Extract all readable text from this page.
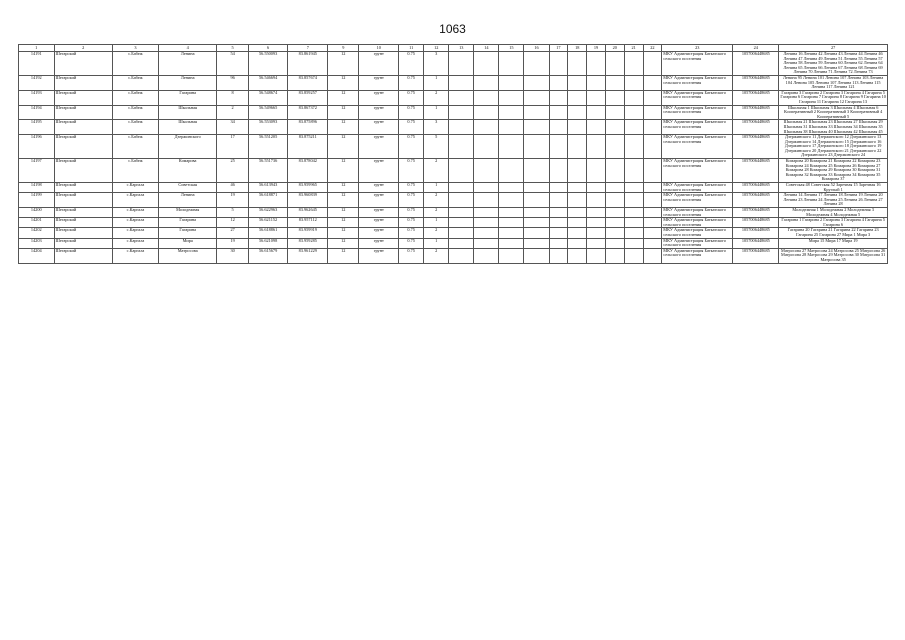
1063
1	2	3	4	5	6	7	9	10	11	12	13	14	15	16	17	18	19	20	21	22	23	24	27
14191	Шегарский	с.Бабеж	Ленина	54	56.550093	83.861945	12	грунт	0.75	3											МКУ Администрация Баткатского сельского поселения	1057006448685	Ленина 16 Ленина 42 Ленина 43 Ленина 44 Ленина 46 Ленина 47 Ленина 49 Ленина 51 Ленина 55 Ленина 57 Ленина 58 Ленина 59 Ленина 60 Ленина 62 Ленина 64 Ленина 65 Ленина 66 Ленина 67 Ленина 68 Ленина 69 Ленина 70 Ленина 71 Ленина 72 Ленина 73
14192	Шегарский	с.Бабеж	Ленина	96	56.546694	83.857674	12	грунт	0.75	1											МКУ Администрация Баткатского сельского поселения	1057006448685	Ленина 95 Ленина 101 Ленина 107 Ленина 103 Ленина 104 Ленина 105 Ленина 107 Ленина 113 Ленина 115 Ленина 117 Ленина 121
14193	Шегарский	с.Бабеж	Гагарина	8	56.548674	83.859257	12	грунт	0.75	2											МКУ Администрация Баткатского сельского поселения	1057006448685	Гагарина 3 Гагарина 2 Гагарина 3 Гагарина 4 Гагарина 5 Гагарина 6 Гагарина 7 Гагарина 8 Гагарина 9 Гагарина 10 Гагарина 11 Гагарина 12 Гагарина 13
14194	Шегарский	с.Бабеж	Школьная	2	56.549665	83.867372	12	грунт	0.75	1											МКУ Администрация Баткатского сельского поселения	1057006448685	Школьная 1 Школьная 3 Школьная 4 Школьная 6 Кооперативный 2 Кооперативный 3 Кооперативный 4 Кооперативный 5
14195	Шегарский	с.Бабеж	Школьная	34	56.553093	83.875896	12	грунт	0.75	3											МКУ Администрация Баткатского сельского поселения	1057006448685	Школьная 21 Школьная 23 Школьная 27 Школьная 29 Школьная 31 Школьная 33 Школьная 34 Школьная 35 Школьная 38 Школьная 40 Школьная 42 Школьная 45
14196	Шегарский	с.Бабеж	Дзержинского	17	56.551205	83.875211	12	грунт	0.75	5											МКУ Администрация Баткатского сельского поселения	1057006448685	Дзержинского 11 Дзержинского 12 Дзержинского 13 Дзержинского 14 Дзержинского 15 Дзержинского 16 Дзержинского 17 Дзержинского 18 Дзержинского 19 Дзержинского 20 Дзержинского 21 Дзержинского 22 Дзержинского 23 Дзержинского 24
14197	Шегарский	с.Бабеж	Комарова	25	56.551736	83.878042	12	грунт	0.75	2											МКУ Администрация Баткатского сельского поселения	1057006448685	Комарова 20 Комарова 21 Комарова 22 Комарова 23 Комарова 24 Комарова 25 Комарова 26 Комарова 27 Комарова 28 Комарова 29 Комарова 30 Комарова 31 Комарова 32 Комарова 33 Комарова 34 Комарова 35 Комарова 37
14198	Шегарский	с.Каргала	Советская	46	56.613943	83.959965	12	грунт	0.75	1											МКУ Администрация Баткатского сельского поселения	1057006448685	Советская 48 Советская 52 Заречная 15 Заречная 16 Круглый 1
14199	Шегарский	с.Каргала	Ленина	19	56.618871	83.960839	12	грунт	0.75	2											МКУ Администрация Баткатского сельского поселения	1057006448685	Ленина 14 Ленина 17 Ленина 18 Ленина 19 Ленина 20 Ленина 23 Ленина 24 Ленина 25 Ленина 26 Ленина 27 Ленина 28
14200	Шегарский	с.Каргала	Молодежная	5	56.622963	83.962645	12	грунт	0.75	2											МКУ Администрация Баткатского сельского поселения	1057006448685	Молодежная 1 Молодежная 2 Молодежная 3 Молодежная 4 Молодежная 5
14201	Шегарский	с.Каргала	Гагарина	12	56.621152	83.957112	12	грунт	0.75	1											МКУ Администрация Баткатского сельского поселения	1057006448685	Гагарина 1 Гагарина 2 Гагарина 3 Гагарина 4 Гагарина 5 Гагарина 6
14202	Шегарский	с.Каргала	Гагарина	27	56.618861	83.959919	12	грунт	0.75	2											МКУ Администрация Баткатского сельского поселения	1057006448685	Гагарина 20 Гагарина 21 Гагарина 22 Гагарина 23 Гагарина 25 Гагарина 27 Мира 1 Мира 3
14203	Шегарский	с.Каргала	Мира	19	56.621098	83.959285	12	грунт	0.75	1											МКУ Администрация Баткатского сельского поселения	1057006448685	Мира 15 Мира 17 Мира 19
14204	Шегарский	с.Каргала	Матросова	30	56.615679	83.961229	12	грунт	0.75	2											МКУ Администрация Баткатского сельского поселения	1057006448685	Матросова 27 Матросова 24 Матросова 25 Матросова 26 Матросова 28 Матросова 29 Матросова 30 Матросова 31 Матросова 35
